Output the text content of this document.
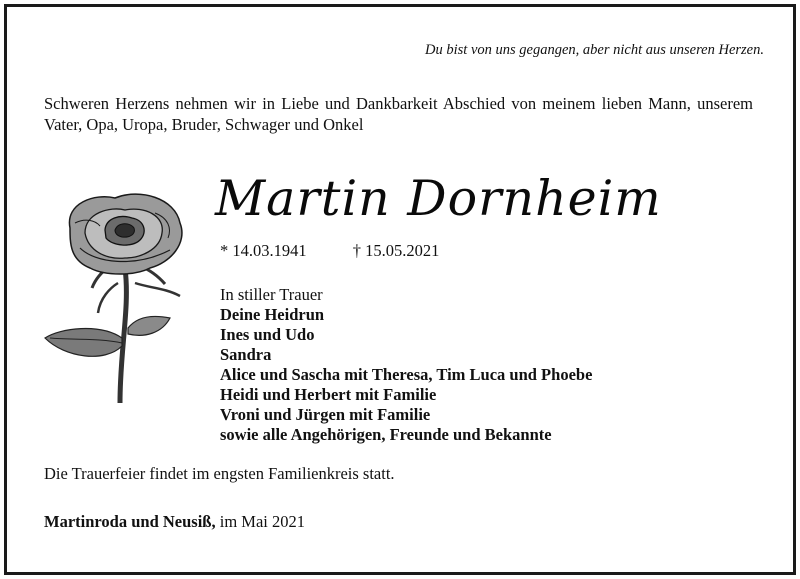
Du bist von uns gegangen, aber nicht aus unseren Herzen.
Schweren Herzens nehmen wir in Liebe und Dankbarkeit Abschied von meinem lieben Mann, unserem Vater, Opa, Uropa, Bruder, Schwager und Onkel
Martin Dornheim
* 14.03.1941	† 15.05.2021
In stiller Trauer
Deine Heidrun
Ines und Udo
Sandra
Alice und Sascha mit Theresa, Tim Luca und Phoebe
Heidi und Herbert mit Familie
Vroni und Jürgen mit Familie
sowie alle Angehörigen, Freunde und Bekannte
Die Trauerfeier findet im engsten Familienkreis statt.
Martinroda und Neusiß, im Mai 2021
